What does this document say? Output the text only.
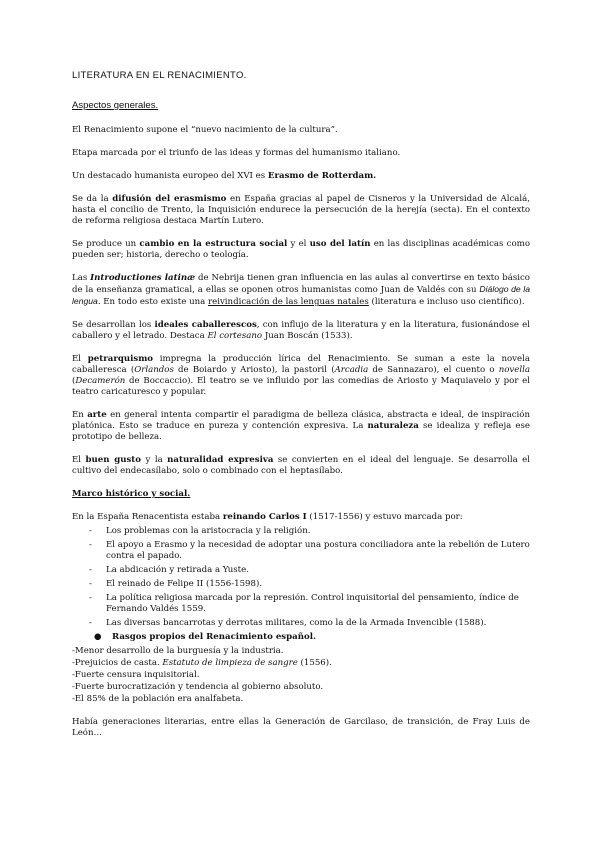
LITERATURA EN EL RENACIMIENTO.
Aspectos generales.

El Renacimiento supone el “nuevo nacimiento de la cultura”.

Etapa marcada por el triunfo de las ideas y formas del humanismo italiano.

Un destacado humanista europeo del XVI es Erasmo de Rotterdam.

Se da la difusión del erasmismo en España gracias al papel de Cisneros y la Universidad de Alcalá, hasta el concilio de Trento, la Inquisición endurece la persecución de la herejía (secta). En el contexto de reforma religiosa destaca Martín Lutero.

Se produce un cambio en la estructura social y el uso del latín en las disciplinas académicas como pueden ser; historia, derecho o teología.

Las Introductiones latinæ de Nebrija tienen gran influencia en las aulas al convertirse en texto básico de la enseñanza gramatical, a ellas se oponen otros humanistas como Juan de Valdés con su Diálogo de la lengua. En todo esto existe una reivindicación de las lenguas natales (literatura e incluso uso científico).

Se desarrollan los ideales caballerescos, con influjo de la literatura y en la literatura, fusionándose el caballero y el letrado. Destaca El cortesano Juan Boscán (1533).

El petrarquismo impregna la producción lírica del Renacimiento. Se suman a este la novela caballeresca (Orlandos de Boiardo y Ariosto), la pastoril (Arcadia de Sannazaro), el cuento o novella (Decamerón de Boccaccio). El teatro se ve influido por las comedias de Ariosto y Maquiavelo y por el teatro caricaturesco y popular.

En arte en general intenta compartir el paradigma de belleza clásica, abstracta e ideal, de inspiración platónica. Esto se traduce en pureza y contención expresiva. La naturaleza se idealiza y refleja ese prototipo de belleza.

El buen gusto y la naturalidad expresiva se convierten en el ideal del lenguaje. Se desarrolla el cultivo del endecasílabo, solo o combinado con el heptasílabo.

Marco histórico y social.

En la España Renacentista estaba reinando Carlos I (1517-1556) y estuvo marcada por:

- Los problemas con la aristocracia y la religión.
- El apoyo a Erasmo y la necesidad de adoptar una postura conciliadora ante la rebelión de Lutero contra el papado.
- La abdicación y retirada a Yuste.
- El reinado de Felipe II (1556-1598).
- La política religiosa marcada por la represión. Control inquisitorial del pensamiento, índice de Fernando Valdés 1559.
- Las diversas bancarrotas y derrotas militares, como la de la Armada Invencible (1588).
● Rasgos propios del Renacimiento español.
-Menor desarrollo de la burguesía y la industria.
-Prejuicios de casta. Estatuto de limpieza de sangre (1556).
-Fuerte censura inquisitorial.
-Fuerte burocratización y tendencia al gobierno absoluto.
-El 85% de la población era analfabeta.

Había generaciones literarias, entre ellas la Generación de Garcilaso, de transición, de Fray Luis de León…
